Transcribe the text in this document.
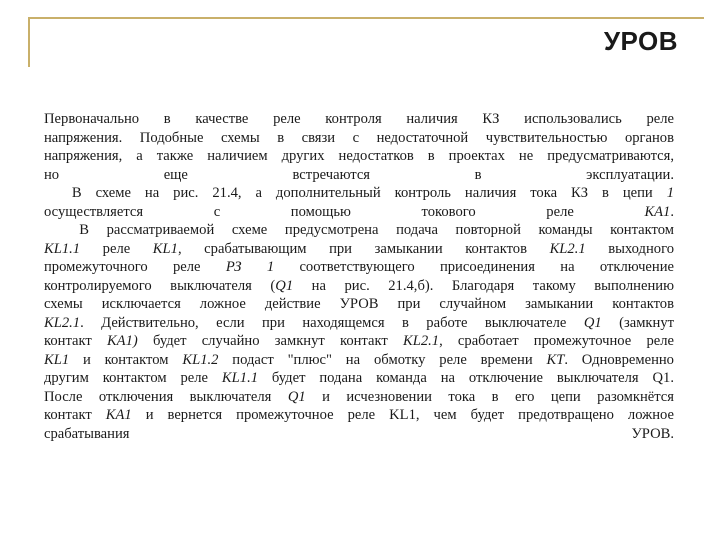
УРОВ
Первоначально в качестве реле контроля наличия КЗ использовались реле
напряжения. Подобные схемы в связи с недостаточной чувствительностью органов
напряжения, а также наличием других недостатков в проектах не предусматриваются,
но еще встречаются в эксплуатации.
В схеме на рис. 21.4, а дополнительный контроль наличия тока КЗ в цепи 1
осуществляется с помощью токового реле КА1.
В рассматриваемой схеме предусмотрена подача повторной команды контактом
KL1.1 реле KL1, срабатывающим при замыкании контактов KL2.1 выходного
промежуточного реле РЗ 1 соответствующего присоединения на отключение
контролируемого выключателя (Q1 на рис. 21.4,б). Благодаря такому выполнению
схемы исключается ложное действие УРОВ при случайном замыкании контактов
KL2.1. Действительно, если при находящемся в работе выключателе Q1 (замкнут
контакт КА1) будет случайно замкнут контакт KL2.1, сработает промежуточное реле
KL1 и контактом KL1.2 подаст "плюс" на обмотку реле времени КТ. Одновременно
другим контактом реле KL1.1 будет подана команда на отключение выключателя Q1.
После отключения выключателя Q1 и исчезновении тока в его цепи разомкнётся
контакт КА1 и вернется промежуточное реле KL1, чем будет предотвращено ложное
срабатывания УРОВ.
